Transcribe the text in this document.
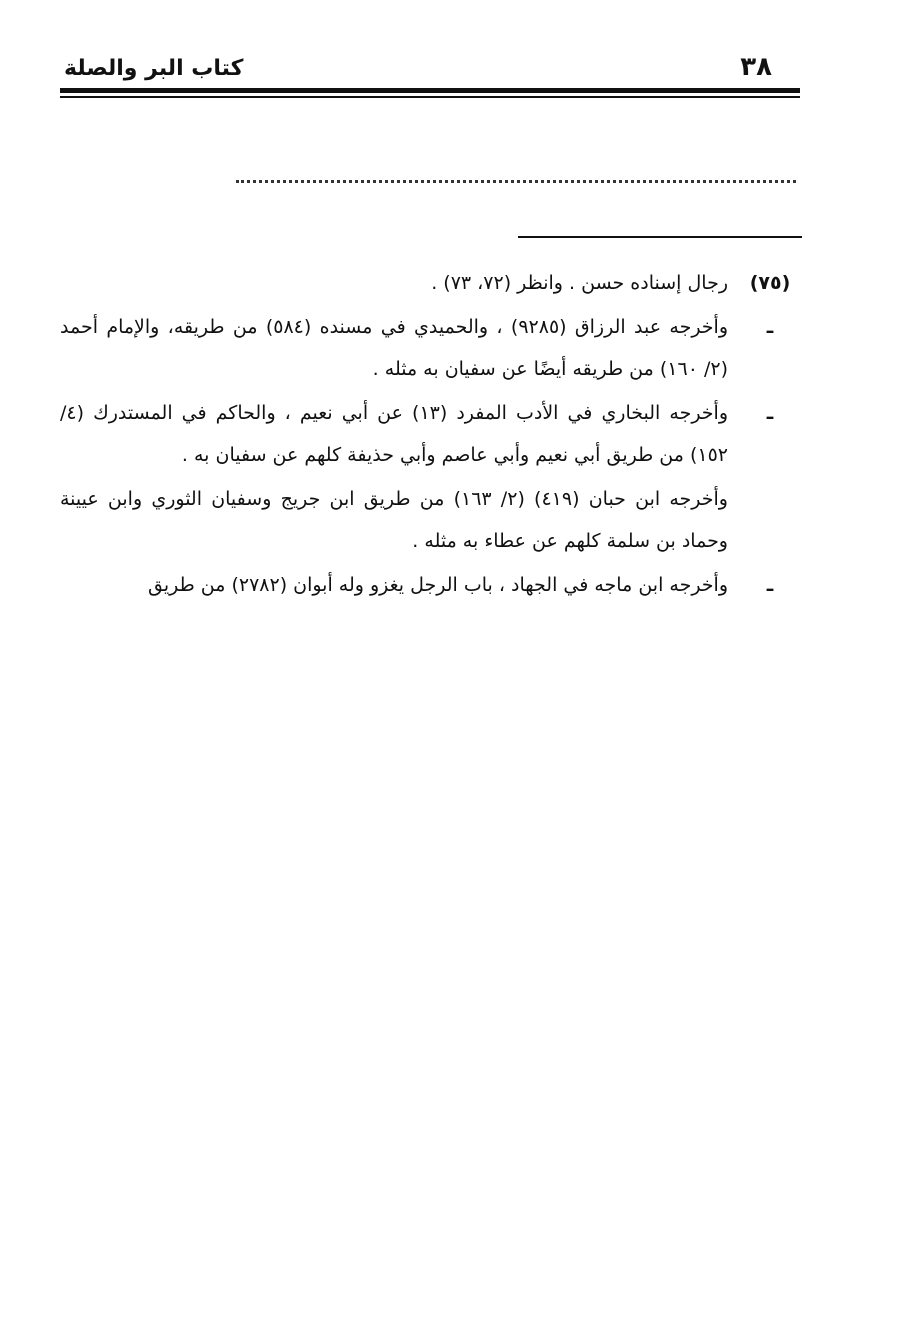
٣٨
كتاب البر والصلة
(٧٥)
رجال إسناده حسن . وانظر (٧٢، ٧٣) .
ـ
وأخرجه عبد الرزاق (٩٢٨٥) ، والحميدي في مسنده (٥٨٤) من طريقه، والإمام أحمد (٢/ ١٦٠) من طريقه أيضًا عن سفيان به مثله .
ـ
وأخرجه البخاري في الأدب المفرد (١٣) عن أبي نعيم ، والحاكم في المستدرك (٤/ ١٥٢) من طريق أبي نعيم وأبي عاصم وأبي حذيفة كلهم عن سفيان به .
وأخرجه ابن حبان (٤١٩) (٢/ ١٦٣) من طريق ابن جريج وسفيان الثوري وابن عيينة وحماد بن سلمة كلهم عن عطاء به مثله .
ـ
وأخرجه ابن ماجه في الجهاد ، باب الرجل يغزو وله أبوان (٢٧٨٢) من طريق
